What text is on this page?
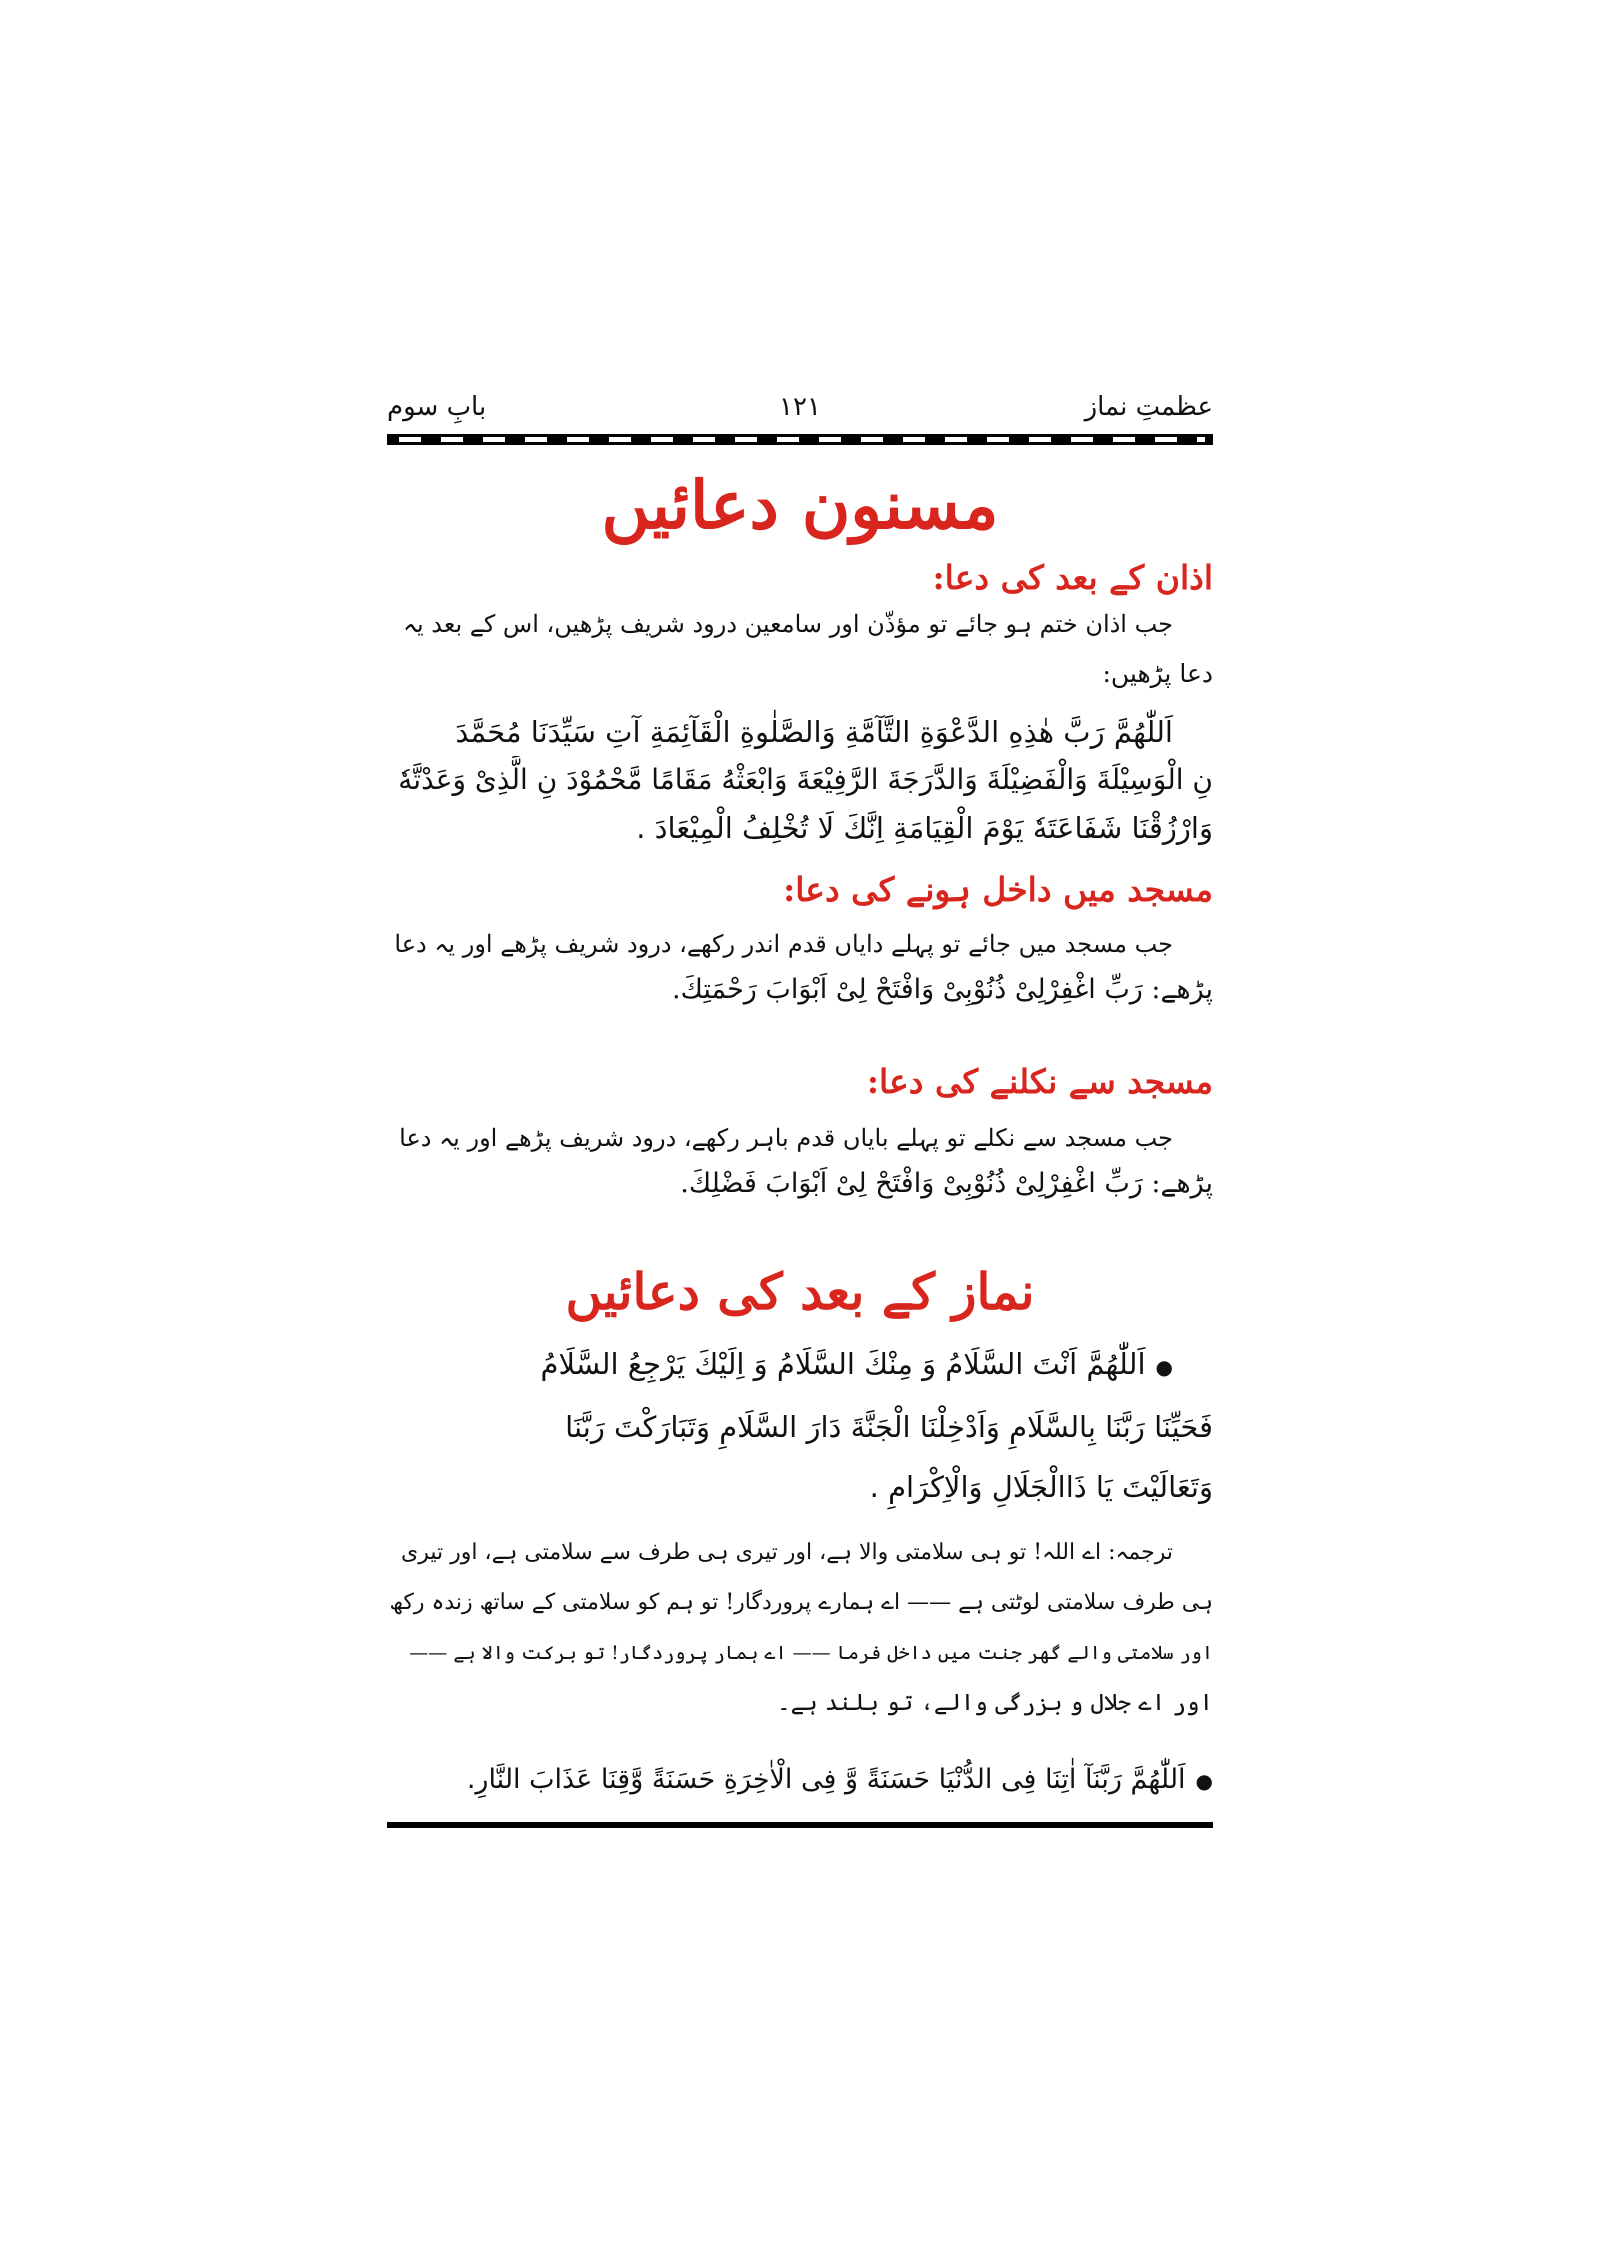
عظمتِ نماز
۱۲۱
بابِ سوم
مسنون دعائیں
اذان کے بعد کی دعا:
جب اذان ختم ہو جائے تو مؤذّن اور سامعین درود شریف پڑھیں، اس کے بعد یہ
دعا پڑھیں:
اَللّٰهُمَّ رَبَّ هٰذِهِ الدَّعْوَةِ التَّآمَّةِ وَالصَّلٰوةِ الْقَآئِمَةِ آتِ سَيِّدَنَا مُحَمَّدَ
نِ الْوَسِيْلَةَ وَالْفَضِيْلَةَ وَالدَّرَجَةَ الرَّفِيْعَةَ وَابْعَثْهُ مَقَامًا مَّحْمُوْدَ نِ الَّذِىْ وَعَدْتَّهٗ
وَارْزُقْنَا شَفَاعَتَهٗ يَوْمَ الْقِيَامَةِ اِنَّكَ لَا تُخْلِفُ الْمِيْعَادَ .
مسجد میں داخل ہونے کی دعا:
جب مسجد میں جائے تو پہلے دایاں قدم اندر رکھے، درود شریف پڑھے اور یہ دعا
پڑھے: رَبِّ اغْفِرْلِىْ ذُنُوْبِىْ وَافْتَحْ لِىْ اَبْوَابَ رَحْمَتِكَ.
مسجد سے نکلنے کی دعا:
جب مسجد سے نکلے تو پہلے بایاں قدم باہر رکھے، درود شریف پڑھے اور یہ دعا
پڑھے: رَبِّ اغْفِرْلِىْ ذُنُوْبِىْ وَافْتَحْ لِىْ اَبْوَابَ فَضْلِكَ.
نماز کے بعد کی دعائیں
●اَللّٰهُمَّ اَنْتَ السَّلَامُ وَ مِنْكَ السَّلَامُ وَ اِلَيْكَ يَرْجِعُ السَّلَامُ
فَحَيِّنَا رَبَّنَا بِالسَّلَامِ وَاَدْخِلْنَا الْجَنَّةَ دَارَ السَّلَامِ وَتَبَارَكْتَ رَبَّنَا
وَتَعَالَيْتَ يَا ذَاالْجَلَالِ وَالْاِكْرَامِ .
ترجمہ: اے اللہ! تو ہی سلامتی والا ہے، اور تیری ہی طرف سے سلامتی ہے، اور تیری
ہی طرف سلامتی لوٹتی ہے —— اے ہمارے پروردگار! تو ہم کو سلامتی کے ساتھ زندہ رکھ
اور سلامتی والے گھر جنت میں داخل فرما —— اے ہمار پروردگار! تو برکت والا ہے ——
اور اے جلال و بزرگی والے، تو بلند ہے۔
●اَللّٰهُمَّ رَبَّنَآ اٰتِنَا فِى الدُّنْيَا حَسَنَةً وَّ فِى الْاٰخِرَةِ حَسَنَةً وَّقِنَا عَذَابَ النَّارِ.
